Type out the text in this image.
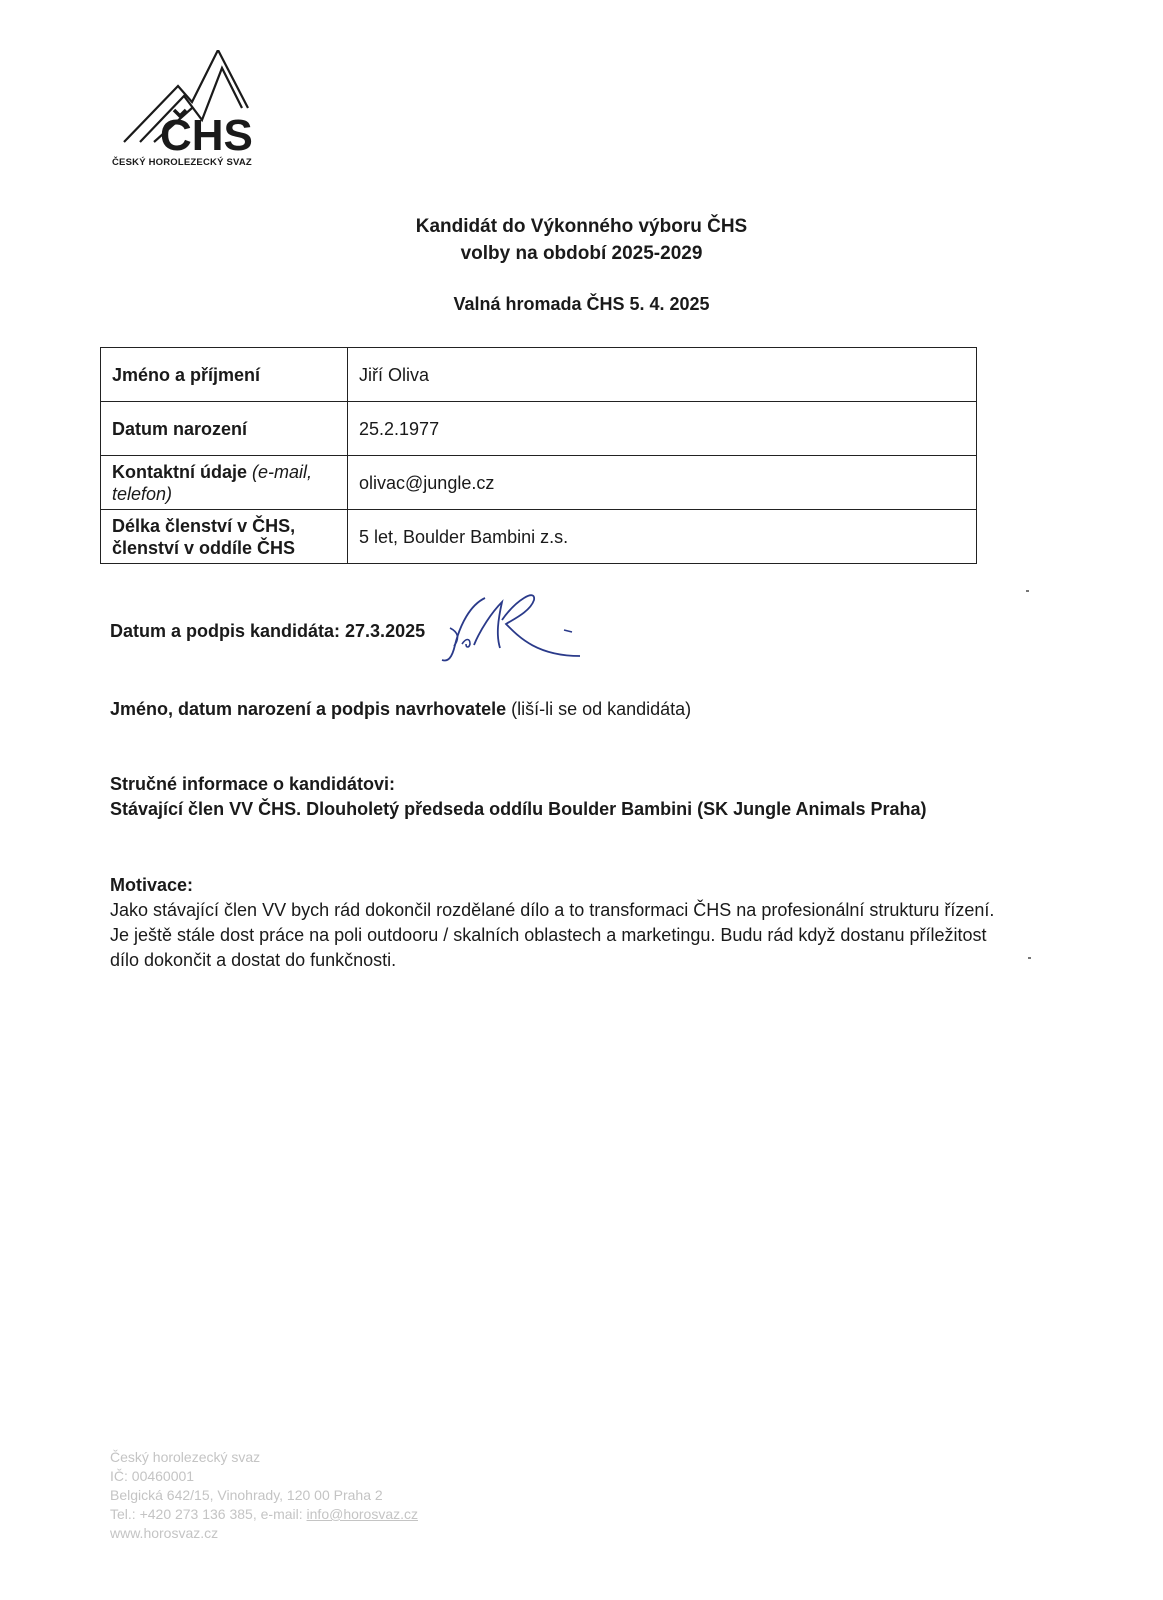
CHS
ČESKÝ HOROLEZECKÝ SVAZ
Kandidát do Výkonného výboru ČHS
volby na období 2025-2029
Valná hromada ČHS 5. 4. 2025
Jméno a příjmení	Jiří Oliva
Datum narození	25.2.1977
Kontaktní údaje (e-mail, telefon)	olivac@jungle.cz
Délka členství v ČHS, členství v oddíle ČHS	5 let, Boulder Bambini z.s.
Datum a podpis kandidáta: 27.3.2025
Jméno, datum narození a podpis navrhovatele (liší-li se od kandidáta)
Stručné informace o kandidátovi:
Stávající člen VV ČHS. Dlouholetý předseda oddílu Boulder Bambini (SK Jungle Animals Praha)
Motivace:
Jako stávající člen VV bych rád dokončil rozdělané dílo a to transformaci ČHS na profesionální strukturu řízení. Je ještě stále dost práce na poli outdooru / skalních oblastech a marketingu. Budu rád když dostanu příležitost dílo dokončit a dostat do funkčnosti.
Český horolezecký svaz
IČ: 00460001
Belgická 642/15, Vinohrady, 120 00 Praha 2
Tel.: +420 273 136 385, e-mail: info@horosvaz.cz
www.horosvaz.cz
